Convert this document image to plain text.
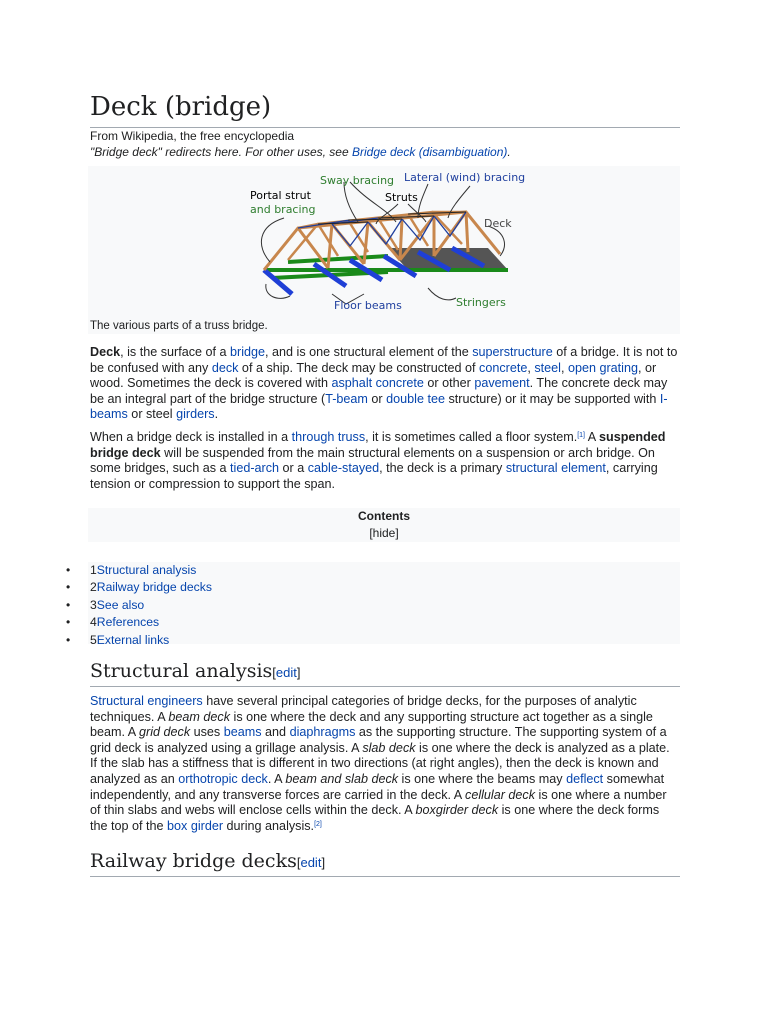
Deck (bridge)
From Wikipedia, the free encyclopedia
"Bridge deck" redirects here. For other uses, see Bridge deck (disambiguation).
Portal strut
and bracing
Sway bracing Lateral (wind) bracing
Struts
Deck
Floor beams	Stringers
The various parts of a truss bridge.

Deck, is the surface of a bridge, and is one structural element of the superstructure of a bridge. It is not to be confused with any deck of a ship. The deck may be constructed of concrete, steel, open grating, or wood. Sometimes the deck is covered with asphalt concrete or other pavement. The concrete deck may be an integral part of the bridge structure (T-beam or double tee structure) or it may be supported with I-beams or steel girders.

When a bridge deck is installed in a through truss, it is sometimes called a floor system.[1] A suspended bridge deck will be suspended from the main structural elements on a suspension or arch bridge. On some bridges, such as a tied-arch or a cable-stayed, the deck is a primary structural element, carrying tension or compression to support the span.

Contents
[hide]
• 1Structural analysis
• 2Railway bridge decks
• 3See also
• 4References
• 5External links
Structural analysis[edit]

Structural engineers have several principal categories of bridge decks, for the purposes of analytic techniques. A beam deck is one where the deck and any supporting structure act together as a single beam. A grid deck uses beams and diaphragms as the supporting structure. The supporting system of a grid deck is analyzed using a grillage analysis. A slab deck is one where the deck is analyzed as a plate. If the slab has a stiffness that is different in two directions (at right angles), then the deck is known and analyzed as an orthotropic deck. A beam and slab deck is one where the beams may deflect somewhat independently, and any transverse forces are carried in the deck. A cellular deck is one where a number of thin slabs and webs will enclose cells within the deck. A boxgirder deck is one where the deck forms the top of the box girder during analysis.[2]

Railway bridge decks[edit]
